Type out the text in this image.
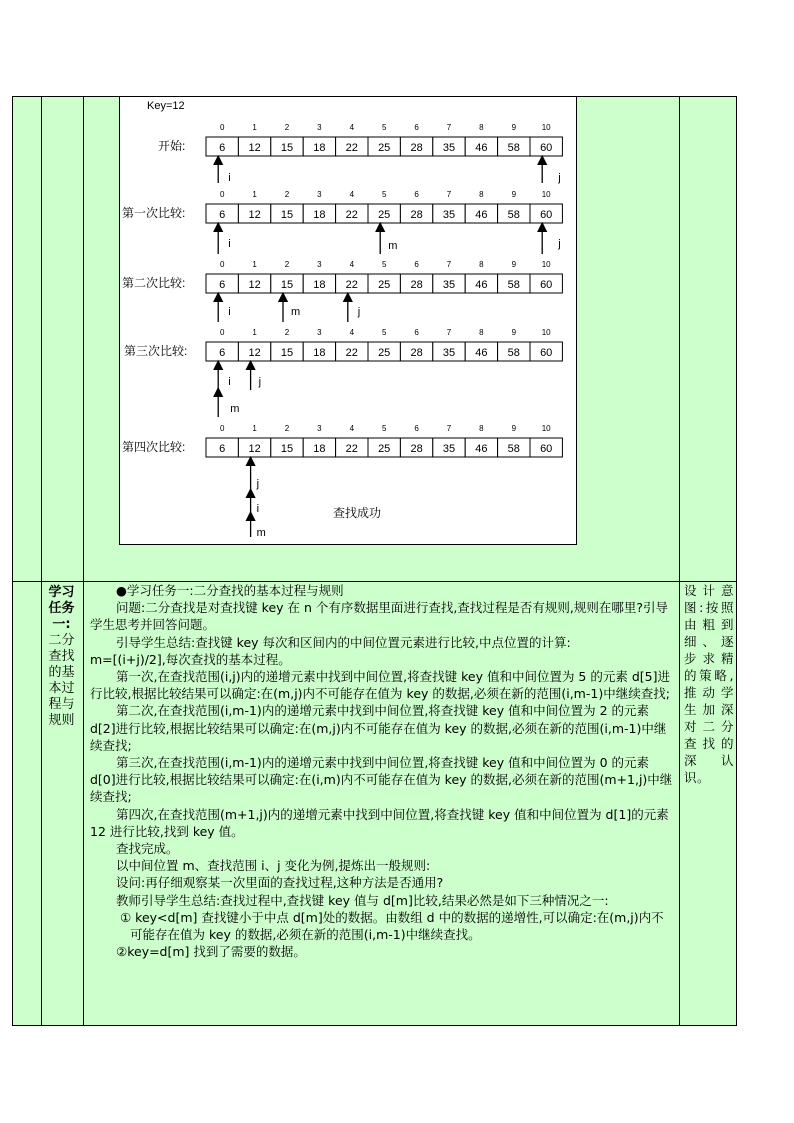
Key=12
开始:
0	1	2	3	4	5	6	7	8	9	10
6 12 15 18 22 25 28 35 46 58 60
第一次比较:
0	1	2	3	4	5	6	7	8	9	10
6 12 15 18 22 25 28 35 46 58 60
第二次比较:
0	1	2	3	4	5	6	7	8	9	10
6 12 15 18 22 25 28 35 46 58 60
第三次比较:
0	1	2	3	4	5	6	7	8	9	10
6 12 15 18 22 25 28 35 46 58 60
第四次比较:
0	1	2	3	4	5	6	7	8	9	10
6 12 15 18 22 25 28 35 46 58 60
i	j
i	m	j
i	m	j
i	j
m
j
i
m
查找成功
学习任务一:
二分查找的基本过程与规则
设计意图:按照由粗到细、逐步求精的策略,推动学生加深对二分查找的深认识。

●学习任务一:二分查找的基本过程与规则

问题:二分查找是对查找键 key 在 n 个有序数据里面进行查找,查找过程是否有规则,规则在哪里?引导学生思考并回答问题。

引导学生总结:查找键 key 每次和区间内的中间位置元素进行比较,中点位置的计算:

m=[(i+j)/2],每次查找的基本过程。

第一次,在查找范围(i,j)内的递增元素中找到中间位置,将查找键 key 值和中间位置为 5 的元素 d[5]进行比较,根据比较结果可以确定:在(m,j)内不可能存在值为 key 的数据,必须在新的范围(i,m-1)中继续查找;

第二次,在查找范围(i,m-1)内的递增元素中找到中间位置,将查找键 key 值和中间位置为 2 的元素 d[2]进行比较,根据比较结果可以确定:在(m,j)内不可能存在值为 key 的数据,必须在新的范围(i,m-1)中继续查找;

第三次,在查找范围(i,m-1)内的递增元素中找到中间位置,将查找键 key 值和中间位置为 0 的元素 d[0]进行比较,根据比较结果可以确定:在(i,m)内不可能存在值为 key 的数据,必须在新的范围(m+1,j)中继续查找;

第四次,在查找范围(m+1,j)内的递增元素中找到中间位置,将查找键 key 值和中间位置为 d[1]的元素 12 进行比较,找到 key 值。

查找完成。

以中间位置 m、查找范围 i、j 变化为例,提炼出一般规则:

设问:再仔细观察某一次里面的查找过程,这种方法是否通用?

教师引导学生总结:查找过程中,查找键 key 值与 d[m]比较,结果必然是如下三种情况之一:

① key<d[m] 查找键小于中点 d[m]处的数据。由数组 d 中的数据的递增性,可以确定:在(m,j)内不可能存在值为 key 的数据,必须在新的范围(i,m-1)中继续查找。

②key=d[m] 找到了需要的数据。
